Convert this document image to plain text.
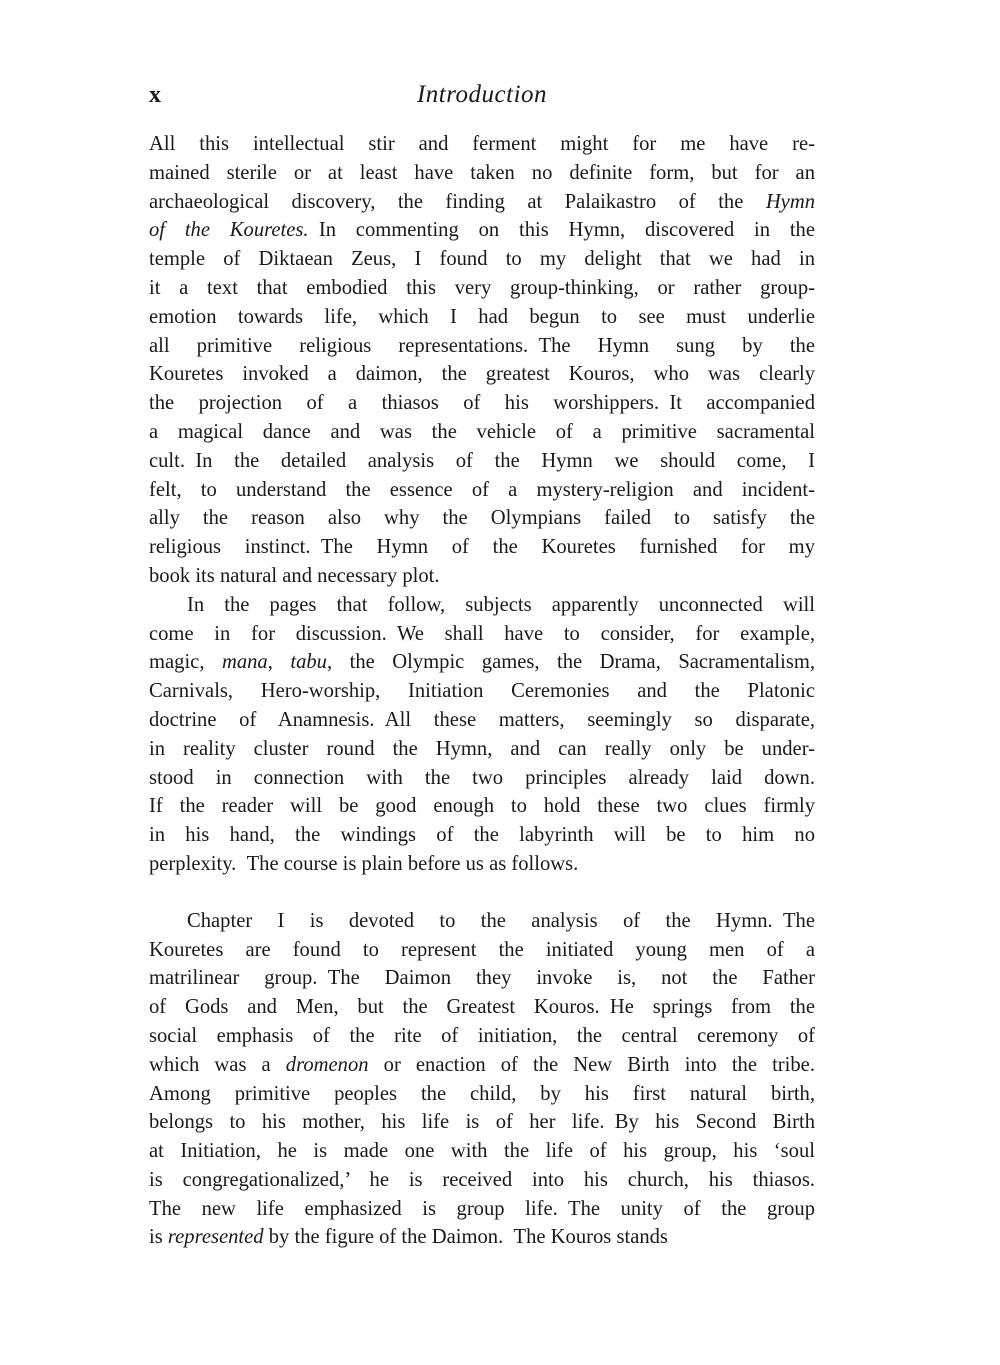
x	Introduction
All this intellectual stir and ferment might for me have re-
mained sterile or at least have taken no definite form, but for an
archaeological discovery, the finding at Palaikastro of the Hymn
of the Kouretes. In commenting on this Hymn, discovered in the
temple of Diktaean Zeus, I found to my delight that we had in
it a text that embodied this very group-thinking, or rather group-
emotion towards life, which I had begun to see must underlie
all primitive religious representations. The Hymn sung by the
Kouretes invoked a daimon, the greatest Kouros, who was clearly
the projection of a thiasos of his worshippers. It accompanied
a magical dance and was the vehicle of a primitive sacramental
cult. In the detailed analysis of the Hymn we should come, I
felt, to understand the essence of a mystery-religion and incident-
ally the reason also why the Olympians failed to satisfy the
religious instinct. The Hymn of the Kouretes furnished for my
book its natural and necessary plot.
In the pages that follow, subjects apparently unconnected will
come in for discussion. We shall have to consider, for example,
magic, mana, tabu, the Olympic games, the Drama, Sacramentalism,
Carnivals, Hero-worship, Initiation Ceremonies and the Platonic
doctrine of Anamnesis. All these matters, seemingly so disparate,
in reality cluster round the Hymn, and can really only be under-
stood in connection with the two principles already laid down.
If the reader will be good enough to hold these two clues firmly
in his hand, the windings of the labyrinth will be to him no
perplexity. The course is plain before us as follows.
Chapter I is devoted to the analysis of the Hymn. The
Kouretes are found to represent the initiated young men of a
matrilinear group. The Daimon they invoke is, not the Father
of Gods and Men, but the Greatest Kouros. He springs from the
social emphasis of the rite of initiation, the central ceremony of
which was a dromenon or enaction of the New Birth into the tribe.
Among primitive peoples the child, by his first natural birth,
belongs to his mother, his life is of her life. By his Second Birth
at Initiation, he is made one with the life of his group, his ‘soul
is congregationalized,’ he is received into his church, his thiasos.
The new life emphasized is group life. The unity of the group
is represented by the figure of the Daimon. The Kouros stands
